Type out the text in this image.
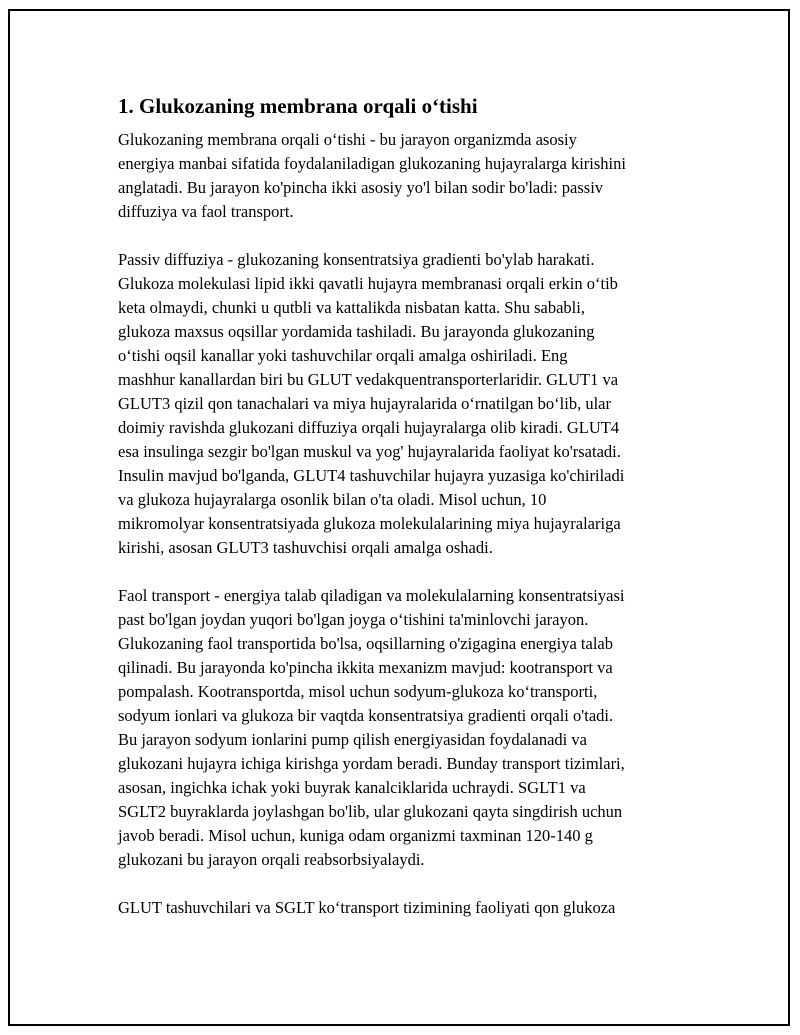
1. Glukozaning membrana orqali o‘tishi
Glukozaning membrana orqali o‘tishi - bu jarayon organizmda asosiy
energiya manbai sifatida foydalaniladigan glukozaning hujayralarga kirishini
anglatadi. Bu jarayon ko'pincha ikki asosiy yo'l bilan sodir bo'ladi: passiv
diffuziya va faol transport.
Passiv diffuziya - glukozaning konsentratsiya gradienti bo'ylab harakati.
Glukoza molekulasi lipid ikki qavatli hujayra membranasi orqali erkin o‘tib
keta olmaydi, chunki u qutbli va kattalikda nisbatan katta. Shu sababli,
glukoza maxsus oqsillar yordamida tashiladi. Bu jarayonda glukozaning
o‘tishi oqsil kanallar yoki tashuvchilar orqali amalga oshiriladi. Eng
mashhur kanallardan biri bu GLUT vedakquentransporterlaridir. GLUT1 va
GLUT3 qizil qon tanachalari va miya hujayralarida o‘rnatilgan bo‘lib, ular
doimiy ravishda glukozani diffuziya orqali hujayralarga olib kiradi. GLUT4
esa insulinga sezgir bo'lgan muskul va yog' hujayralarida faoliyat ko'rsatadi.
Insulin mavjud bo'lganda, GLUT4 tashuvchilar hujayra yuzasiga ko'chiriladi
va glukoza hujayralarga osonlik bilan o'ta oladi. Misol uchun, 10
mikromolyar konsentratsiyada glukoza molekulalarining miya hujayralariga
kirishi, asosan GLUT3 tashuvchisi orqali amalga oshadi.
Faol transport - energiya talab qiladigan va molekulalarning konsentratsiyasi
past bo'lgan joydan yuqori bo'lgan joyga o‘tishini ta'minlovchi jarayon.
Glukozaning faol transportida bo'lsa, oqsillarning o'zigagina energiya talab
qilinadi. Bu jarayonda ko'pincha ikkita mexanizm mavjud: kootransport va
pompalash. Kootransportda, misol uchun sodyum-glukoza ko‘transporti,
sodyum ionlari va glukoza bir vaqtda konsentratsiya gradienti orqali o'tadi.
Bu jarayon sodyum ionlarini pump qilish energiyasidan foydalanadi va
glukozani hujayra ichiga kirishga yordam beradi. Bunday transport tizimlari,
asosan, ingichka ichak yoki buyrak kanalciklarida uchraydi. SGLT1 va
SGLT2 buyraklarda joylashgan bo'lib, ular glukozani qayta singdirish uchun
javob beradi. Misol uchun, kuniga odam organizmi taxminan 120-140 g
glukozani bu jarayon orqali reabsorbsiyalaydi.
GLUT tashuvchilari va SGLT ko‘transport tizimining faoliyati qon glukoza
